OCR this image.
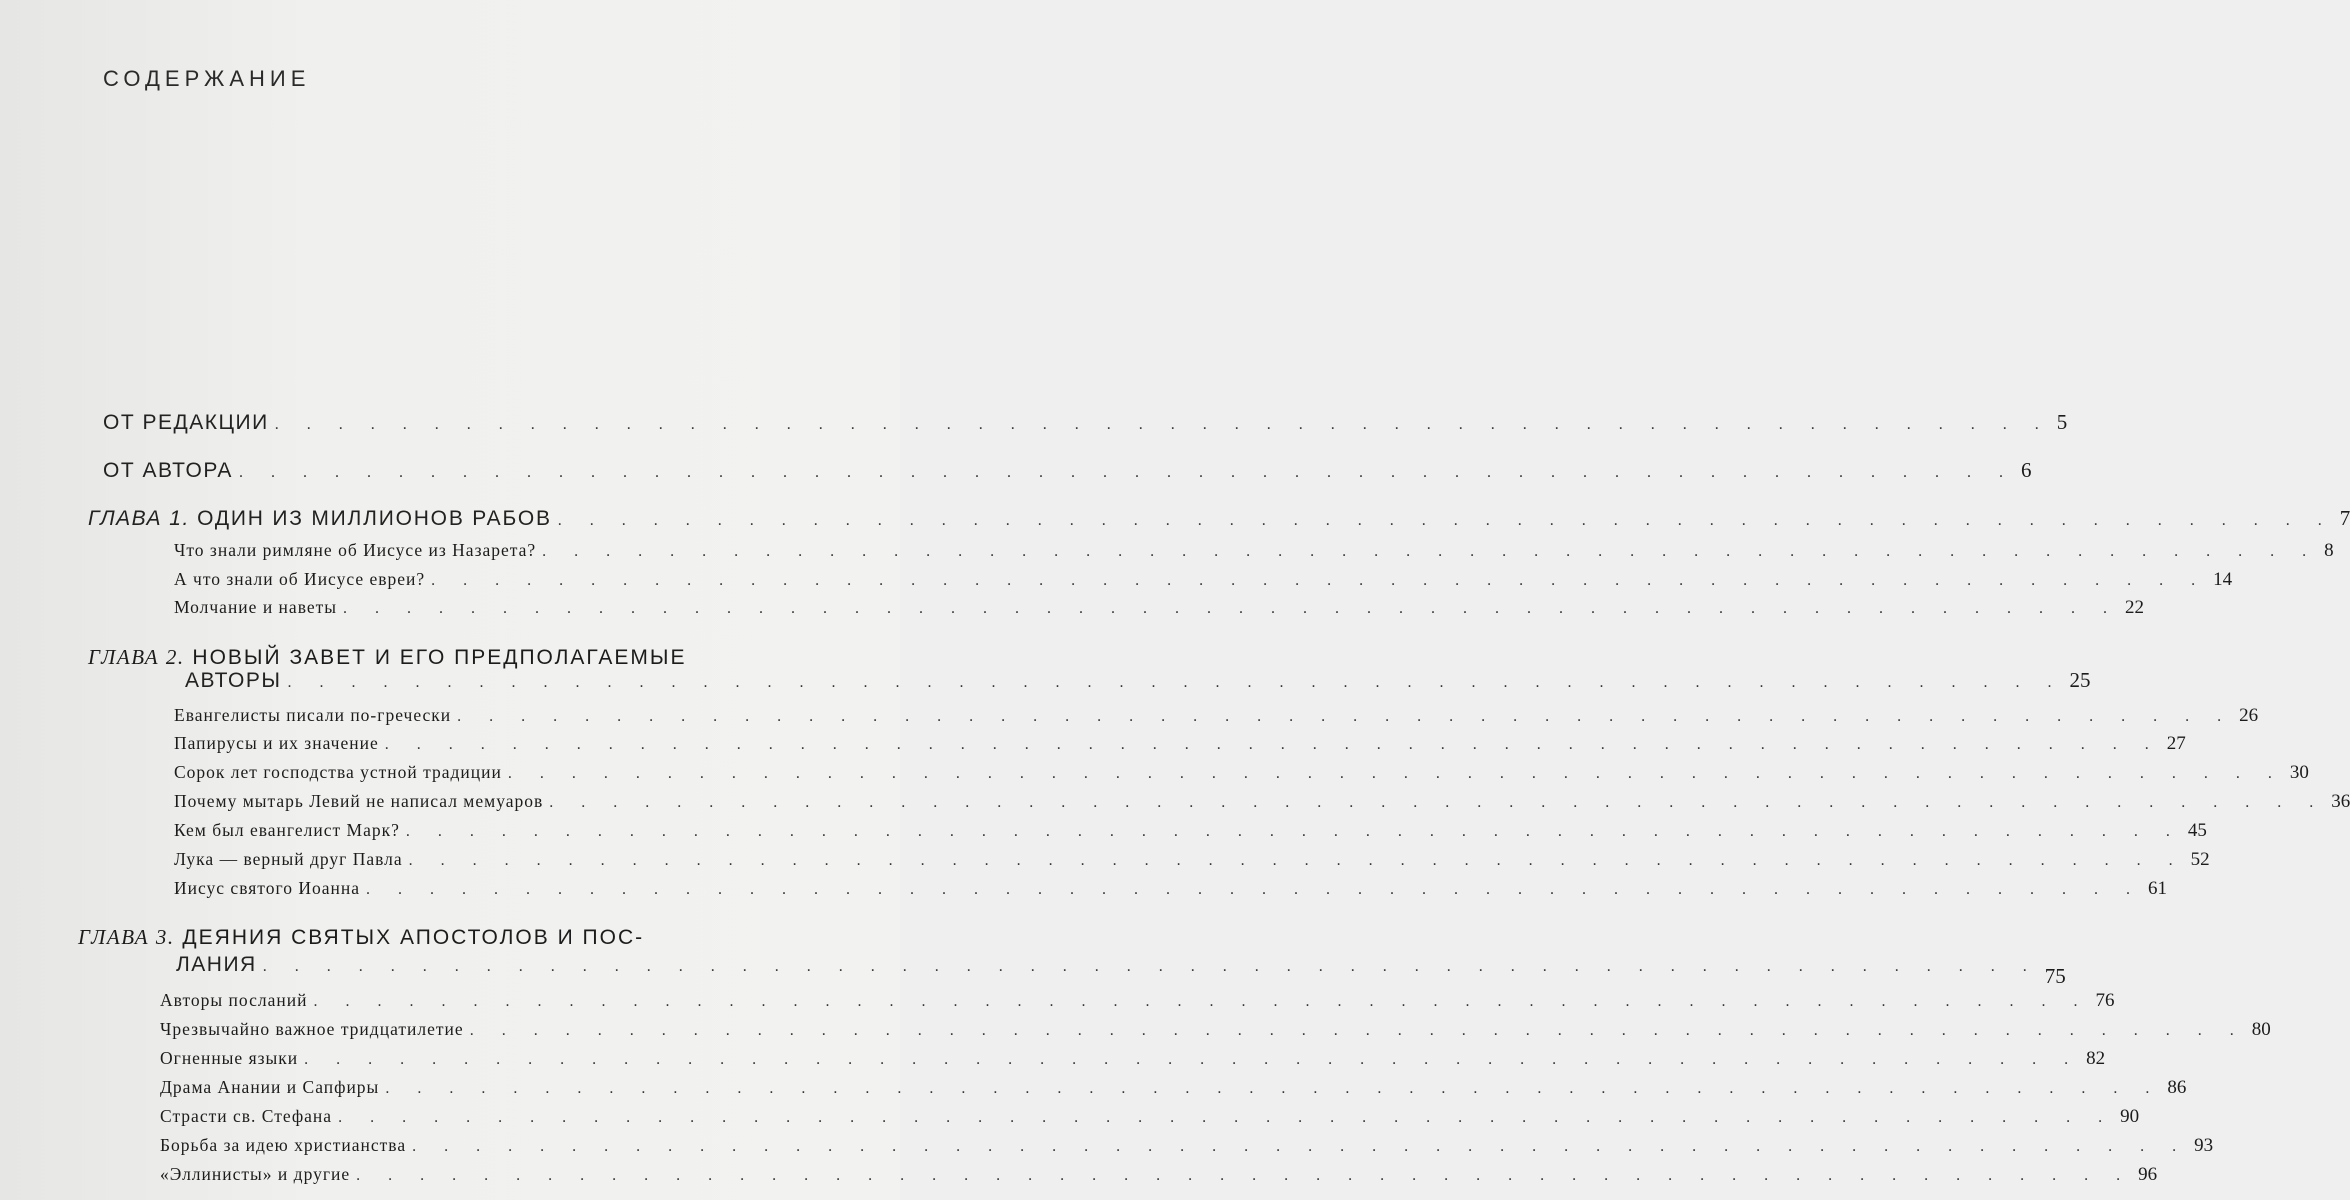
СОДЕРЖАНИЕ
ОТ РЕДАКЦИИ . . . . . . . . . . . . . . . . . . . . . . . . . . . . . . . . . . . . . . . . . . . . . . . . . . . . . . . . 5
ОТ АВТОРА . . . . . . . . . . . . . . . . . . . . . . . . . . . . . . . . . . . . . . . . . . . . . . . . . . . . . . . . 6
ГЛАВА 1. ОДИН ИЗ МИЛЛИОНОВ РАБОВ . . . . . . . . . . . . . . . . . . . . . . . . . . . . . . . . . . . . . . . . . . . . . . . . . . . . . . . . 7
Что знали римляне об Иисусе из Назарета? . . . . . . . . . . . . . . . . . . . . . . . . . . . . . . . . . . . . . . . . . . . . . . . . . . . . . . . . 8
А что знали об Иисусе евреи? . . . . . . . . . . . . . . . . . . . . . . . . . . . . . . . . . . . . . . . . . . . . . . . . . . . . . . . . 14
Молчание и наветы . . . . . . . . . . . . . . . . . . . . . . . . . . . . . . . . . . . . . . . . . . . . . . . . . . . . . . . . 22
ГЛАВА 2. НОВЫЙ ЗАВЕТ И ЕГО ПРЕДПОЛАГАЕМЫЕ
АВТОРЫ . . . . . . . . . . . . . . . . . . . . . . . . . . . . . . . . . . . . . . . . . . . . . . . . . . . . . . . . 25
Евангелисты писали по-гречески . . . . . . . . . . . . . . . . . . . . . . . . . . . . . . . . . . . . . . . . . . . . . . . . . . . . . . . . 26
Папирусы и их значение . . . . . . . . . . . . . . . . . . . . . . . . . . . . . . . . . . . . . . . . . . . . . . . . . . . . . . . . 27
Сорок лет господства устной традиции . . . . . . . . . . . . . . . . . . . . . . . . . . . . . . . . . . . . . . . . . . . . . . . . . . . . . . . . 30
Почему мытарь Левий не написал мемуаров . . . . . . . . . . . . . . . . . . . . . . . . . . . . . . . . . . . . . . . . . . . . . . . . . . . . . . . . 36
Кем был евангелист Марк? . . . . . . . . . . . . . . . . . . . . . . . . . . . . . . . . . . . . . . . . . . . . . . . . . . . . . . . . 45
Лука — верный друг Павла . . . . . . . . . . . . . . . . . . . . . . . . . . . . . . . . . . . . . . . . . . . . . . . . . . . . . . . . 52
Иисус святого Иоанна . . . . . . . . . . . . . . . . . . . . . . . . . . . . . . . . . . . . . . . . . . . . . . . . . . . . . . . . 61
ГЛАВА 3. ДЕЯНИЯ СВЯТЫХ АПОСТОЛОВ И ПОС-
ЛАНИЯ . . . . . . . . . . . . . . . . . . . . . . . . . . . . . . . . . . . . . . . . . . . . . . . . . . . . . . . . 75
Авторы посланий . . . . . . . . . . . . . . . . . . . . . . . . . . . . . . . . . . . . . . . . . . . . . . . . . . . . . . . . 76
Чрезвычайно важное тридцатилетие . . . . . . . . . . . . . . . . . . . . . . . . . . . . . . . . . . . . . . . . . . . . . . . . . . . . . . . . 80
Огненные языки . . . . . . . . . . . . . . . . . . . . . . . . . . . . . . . . . . . . . . . . . . . . . . . . . . . . . . . . 82
Драма Анании и Сапфиры . . . . . . . . . . . . . . . . . . . . . . . . . . . . . . . . . . . . . . . . . . . . . . . . . . . . . . . . 86
Страсти св. Стефана . . . . . . . . . . . . . . . . . . . . . . . . . . . . . . . . . . . . . . . . . . . . . . . . . . . . . . . . 90
Борьба за идею христианства . . . . . . . . . . . . . . . . . . . . . . . . . . . . . . . . . . . . . . . . . . . . . . . . . . . . . . . . 93
«Эллинисты» и другие . . . . . . . . . . . . . . . . . . . . . . . . . . . . . . . . . . . . . . . . . . . . . . . . . . . . . . . . 96
